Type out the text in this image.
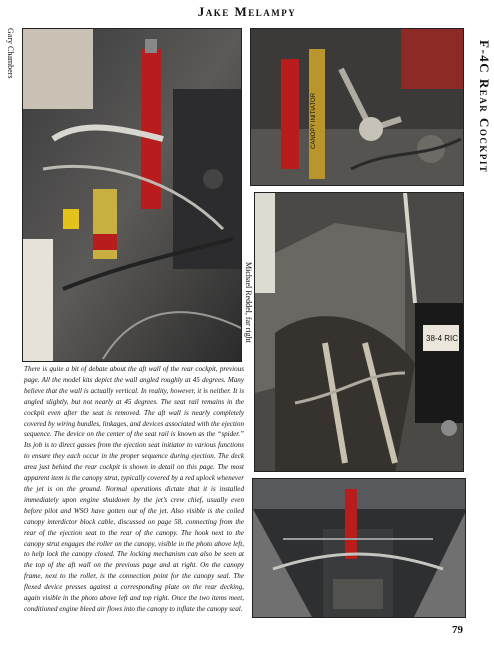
Jake Melampy
F-4C Rear Cockpit
Gary Chambers
Michael Reddel, far right
CANOPY INITIATOR
38-4 RIC

There is quite a bit of debate about the aft wall of the rear cockpit, previous page. All the model kits depict the wall angled roughly at 45 degrees. Many believe that the wall is actually vertical. In reality, however, it is neither. It is angled slightly, but not nearly at 45 degrees. The seat rail remains in the cockpit even after the seat is removed. The aft wall is nearly completely covered by wiring bundles, linkages, and devices associated with the ejection sequence. The device on the center of the seat rail is known as the “spider.” Its job is to direct gasses from the ejection seat initiator to various functions to ensure they each occur in the proper sequence during ejection. The deck area just behind the rear cockpit is shown in detail on this page. The most apparent item is the canopy strut, typically covered by a red uplock whenever the jet is on the ground. Normal operations dictate that it is installed immediately upon engine shutdown by the jet’s crew chief, usually even before pilot and WSO have gotten out of the jet. Also visible is the coiled canopy interdictor block cable, discussed on page 58, connecting from the rear of the ejection seat to the rear of the canopy. The hook next to the canopy strut engages the roller on the canopy, visible in the photo above left, to help lock the canopy closed. The locking mechanism can also be seen at the top of the aft wall on the previous page and at right. On the canopy frame, next to the roller, is the connection point for the canopy seal. The flexed device presses against a corresponding plate on the rear decking, again visible in the photo above left and top right. Once the two items meet, conditioned engine bleed air flows into the canopy to inflate the canopy seal.

79
